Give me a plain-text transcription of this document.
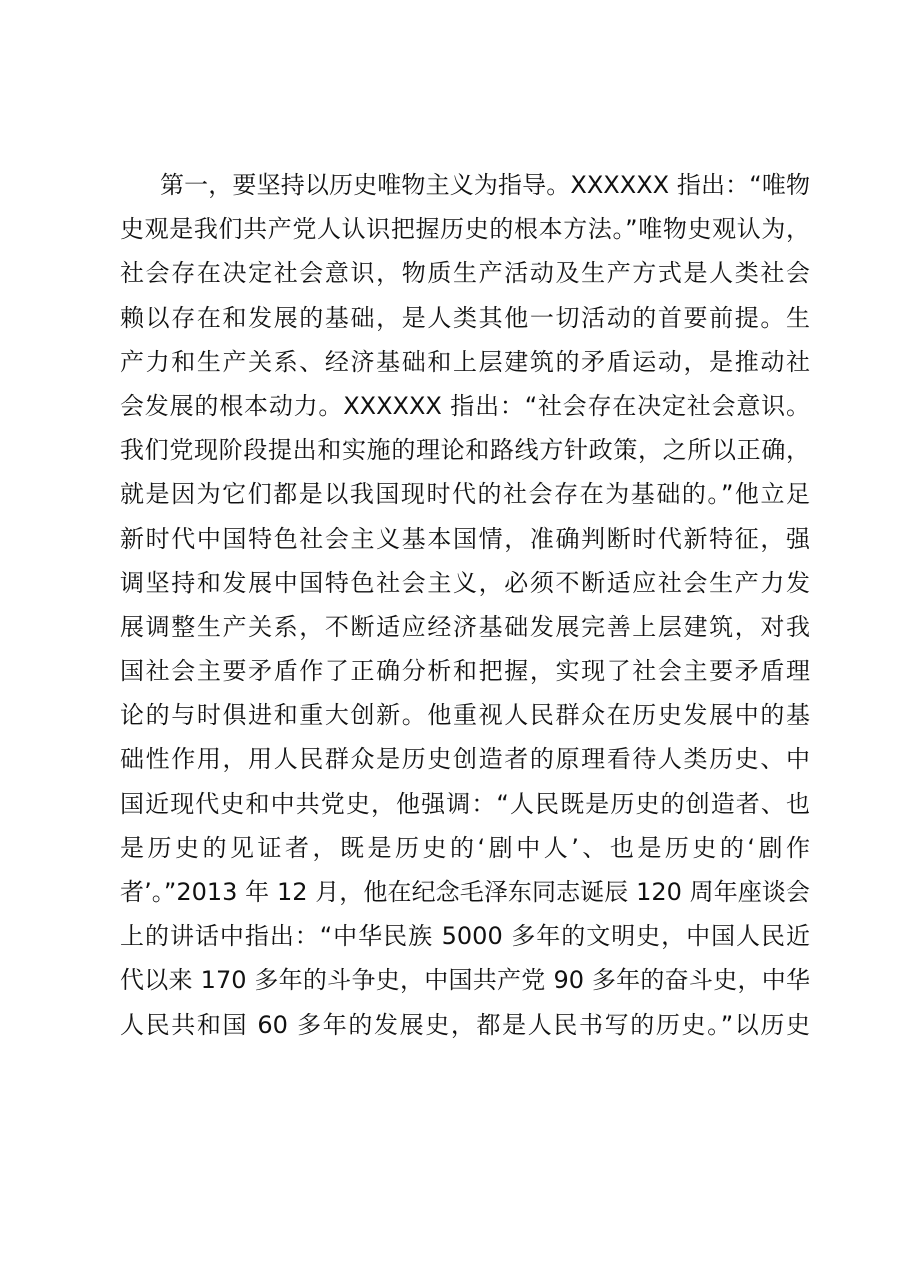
第一，要坚持以历史唯物主义为指导。XXXXXX 指出：“唯物
史观是我们共产党人认识把握历史的根本方法。”唯物史观认为，
社会存在决定社会意识，物质生产活动及生产方式是人类社会
赖以存在和发展的基础，是人类其他一切活动的首要前提。生
产力和生产关系、经济基础和上层建筑的矛盾运动，是推动社
会发展的根本动力。XXXXXX 指出：“社会存在决定社会意识。
我们党现阶段提出和实施的理论和路线方针政策，之所以正确，
就是因为它们都是以我国现时代的社会存在为基础的。”他立足
新时代中国特色社会主义基本国情，准确判断时代新特征，强
调坚持和发展中国特色社会主义，必须不断适应社会生产力发
展调整生产关系，不断适应经济基础发展完善上层建筑，对我
国社会主要矛盾作了正确分析和把握，实现了社会主要矛盾理
论的与时俱进和重大创新。他重视人民群众在历史发展中的基
础性作用，用人民群众是历史创造者的原理看待人类历史、中
国近现代史和中共党史，他强调：“人民既是历史的创造者、也
是历史的见证者，既是历史的‘剧中人’、也是历史的‘剧作
者’。”2013 年 12 月，他在纪念毛泽东同志诞辰 120 周年座谈会
上的讲话中指出：“中华民族 5000 多年的文明史，中国人民近
代以来 170 多年的斗争史，中国共产党 90 多年的奋斗史，中华
人民共和国 60 多年的发展史，都是人民书写的历史。”以历史
